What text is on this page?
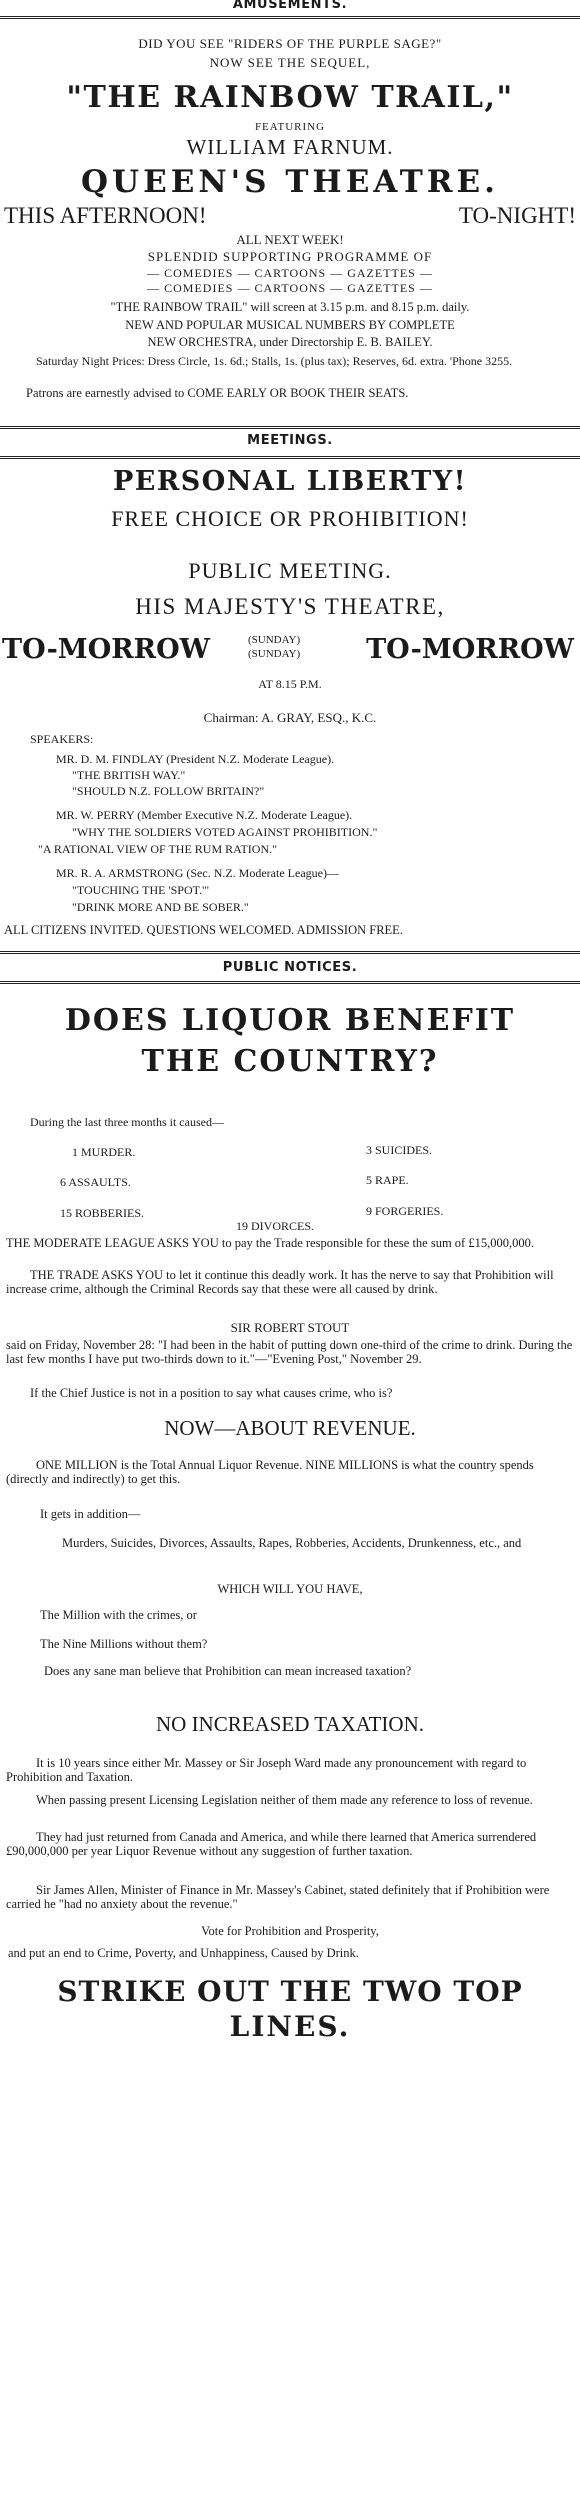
AMUSEMENTS.
DID YOU SEE "RIDERS OF THE PURPLE SAGE?"
NOW SEE THE SEQUEL,
"THE RAINBOW TRAIL,"
FEATURING
WILLIAM FARNUM.
QUEEN'S THEATRE.
THIS AFTERNOON!	TO-NIGHT!
ALL NEXT WEEK!
SPLENDID SUPPORTING PROGRAMME OF
— COMEDIES — CARTOONS — GAZETTES —
— COMEDIES — CARTOONS — GAZETTES —
"THE RAINBOW TRAIL" will screen at 3.15 p.m. and 8.15 p.m. daily.
NEW AND POPULAR MUSICAL NUMBERS BY COMPLETE
NEW ORCHESTRA, under Directorship E. B. BAILEY.
Saturday Night Prices: Dress Circle, 1s. 6d.; Stalls, 1s. (plus tax); Reserves, 6d. extra. 'Phone 3255.
Patrons are earnestly advised to COME EARLY OR BOOK THEIR SEATS.
MEETINGS.
PERSONAL LIBERTY!
FREE CHOICE OR PROHIBITION!
PUBLIC MEETING.
HIS MAJESTY'S THEATRE,
TO-MORROW	(SUNDAY)
(SUNDAY) TO-MORROW
AT 8.15 P.M.
Chairman: A. GRAY, ESQ., K.C.
SPEAKERS:
MR. D. M. FINDLAY (President N.Z. Moderate League).
"THE BRITISH WAY."
"SHOULD N.Z. FOLLOW BRITAIN?"
MR. W. PERRY (Member Executive N.Z. Moderate League).
"WHY THE SOLDIERS VOTED AGAINST PROHIBITION."
"A RATIONAL VIEW OF THE RUM RATION."
MR. R. A. ARMSTRONG (Sec. N.Z. Moderate League)—
"TOUCHING THE 'SPOT.'"
"DRINK MORE AND BE SOBER."
ALL CITIZENS INVITED. QUESTIONS WELCOMED. ADMISSION FREE.
PUBLIC NOTICES.
DOES LIQUOR BENEFIT
THE COUNTRY?
During the last three months it caused—
1 MURDER.	3 SUICIDES.
6 ASSAULTS.	5 RAPE.
15 ROBBERIES.	9 FORGERIES.
19 DIVORCES.
THE MODERATE LEAGUE ASKS YOU to pay the Trade responsible for these the sum of £15,000,000.
THE TRADE ASKS YOU to let it continue this deadly work. It has the nerve to say that Prohibition will increase crime, although the Criminal Records say that these were all caused by drink.
SIR ROBERT STOUT
said on Friday, November 28: "I had been in the habit of putting down one-third of the crime to drink. During the last few months I have put two-thirds down to it."—"Evening Post," November 29.
If the Chief Justice is not in a position to say what causes crime, who is?
NOW—ABOUT REVENUE.
ONE MILLION is the Total Annual Liquor Revenue. NINE MILLIONS is what the country spends (directly and indirectly) to get this.
It gets in addition—
Murders, Suicides, Divorces, Assaults, Rapes, Robberies, Accidents, Drunkenness, etc., and
WHICH WILL YOU HAVE,
The Million with the crimes, or
The Nine Millions without them?
Does any sane man believe that Prohibition can mean increased taxation?
NO INCREASED TAXATION.
It is 10 years since either Mr. Massey or Sir Joseph Ward made any pronouncement with regard to Prohibition and Taxation.
When passing present Licensing Legislation neither of them made any reference to loss of revenue.
They had just returned from Canada and America, and while there learned that America surrendered £90,000,000 per year Liquor Revenue without any suggestion of further taxation.
Sir James Allen, Minister of Finance in Mr. Massey's Cabinet, stated definitely that if Prohibition were carried he "had no anxiety about the revenue."
Vote for Prohibition and Prosperity,
and put an end to Crime, Poverty, and Unhappiness, Caused by Drink.
STRIKE OUT THE TWO TOP
LINES.
